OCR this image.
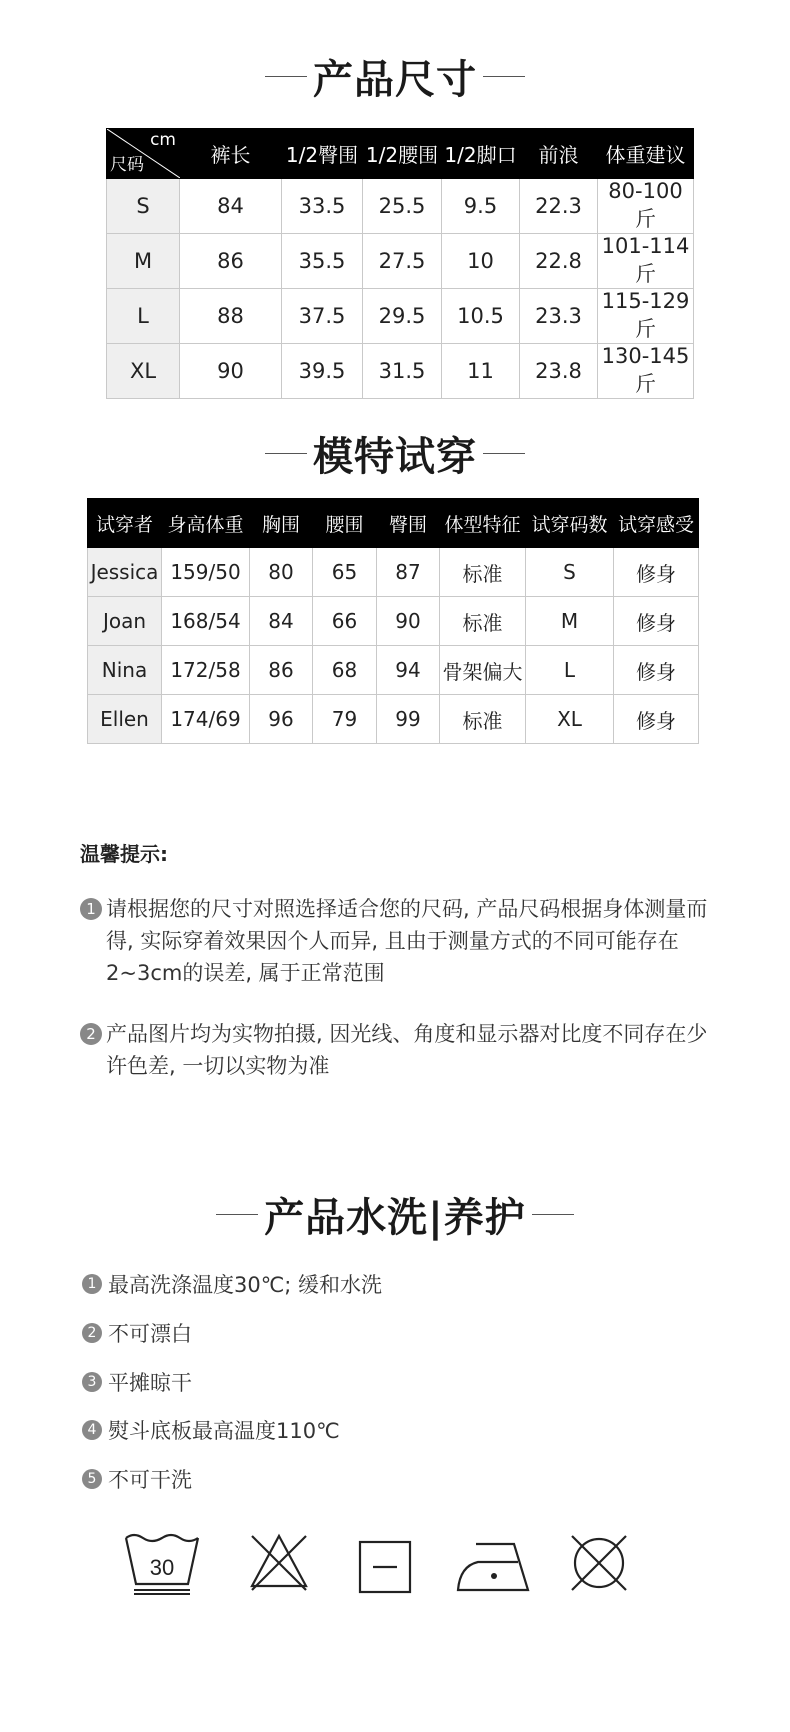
产品尺寸
cm
尺码	裤长	1/2臀围	1/2腰围	1/2脚口	前浪	体重建议
S	84	33.5	25.5	9.5	22.3	80-100斤
M	86	35.5	27.5	10	22.8	101-114斤
L	88	37.5	29.5	10.5	23.3	115-129斤
XL	90	39.5	31.5	11	23.8	130-145斤
模特试穿
试穿者	身高体重	胸围	腰围	臀围	体型特征	试穿码数	试穿感受
Jessica	159/50	80	65	87	标准	S	修身
Joan	168/54	84	66	90	标准	M	修身
Nina	172/58	86	68	94	骨架偏大	L	修身
Ellen	174/69	96	79	99	标准	XL	修身
温馨提示:
1 请根据您的尺寸对照选择适合您的尺码, 产品尺码根据身体测量而得, 实际穿着效果因个人而异, 且由于测量方式的不同可能存在2~3cm的误差, 属于正常范围
2 产品图片均为实物拍摄, 因光线、角度和显示器对比度不同存在少许色差, 一切以实物为准
产品水洗|养护
1 最高洗涤温度30℃; 缓和水洗
2 不可漂白
3 平摊晾干
4 熨斗底板最高温度110℃
5 不可干洗
30
